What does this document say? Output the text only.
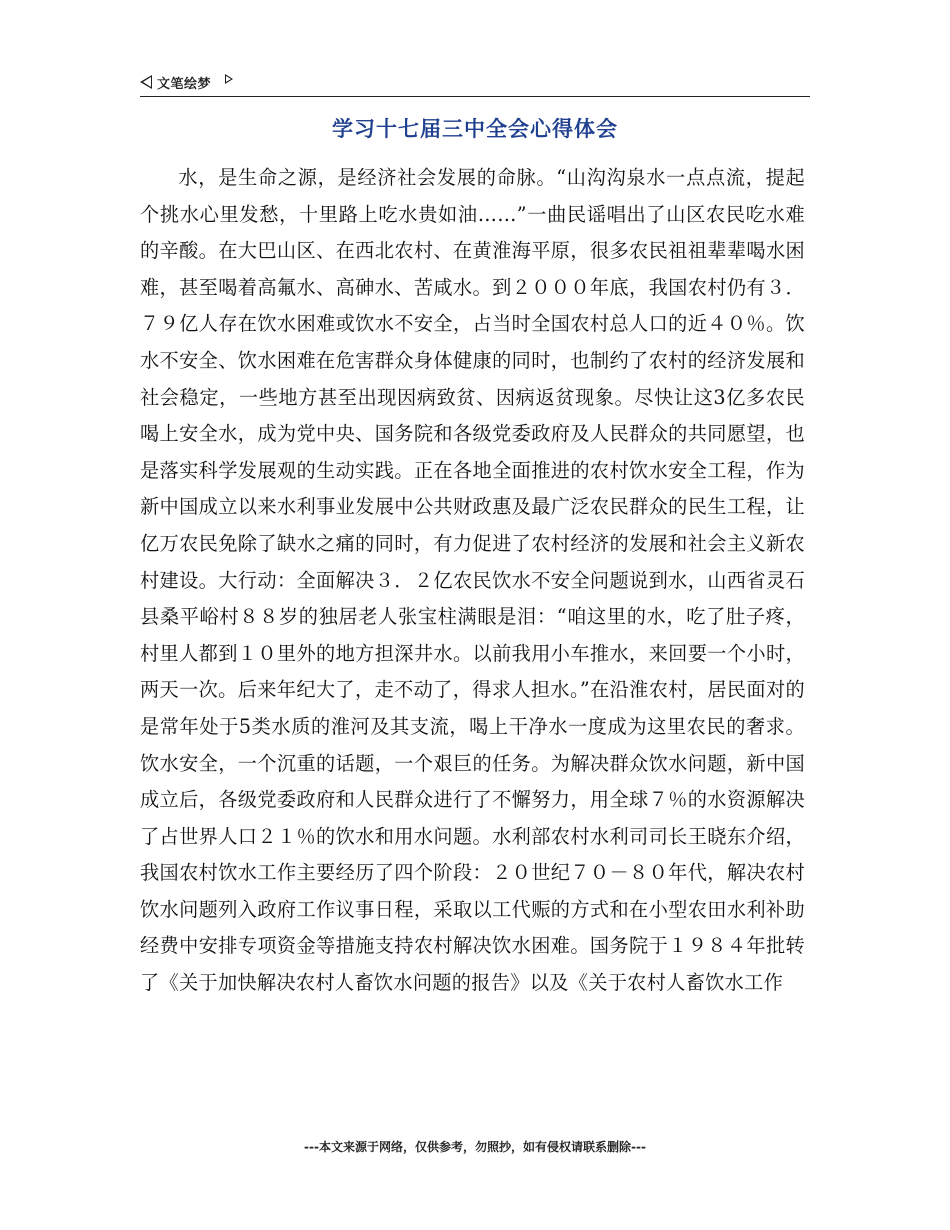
文笔绘梦
学习十七届三中全会心得体会

水，是生命之源，是经济社会发展的命脉。“山沟沟泉水一点点流，提起个挑水心里发愁，十里路上吃水贵如油……”一曲民谣唱出了山区农民吃水难的辛酸。在大巴山区、在西北农村、在黄淮海平原，很多农民祖祖辈辈喝水困难，甚至喝着高氟水、高砷水、苦咸水。到２０００年底，我国农村仍有３．７９亿人存在饮水困难或饮水不安全，占当时全国农村总人口的近４０％。饮水不安全、饮水困难在危害群众身体健康的同时，也制约了农村的经济发展和社会稳定，一些地方甚至出现因病致贫、因病返贫现象。尽快让这3亿多农民喝上安全水，成为党中央、国务院和各级党委政府及人民群众的共同愿望，也是落实科学发展观的生动实践。正在各地全面推进的农村饮水安全工程，作为新中国成立以来水利事业发展中公共财政惠及最广泛农民群众的民生工程，让亿万农民免除了缺水之痛的同时，有力促进了农村经济的发展和社会主义新农村建设。大行动：全面解决３．２亿农民饮水不安全问题说到水，山西省灵石县桑平峪村８８岁的独居老人张宝柱满眼是泪：“咱这里的水，吃了肚子疼，村里人都到１０里外的地方担深井水。以前我用小车推水，来回要一个小时，两天一次。后来年纪大了，走不动了，得求人担水。”在沿淮农村，居民面对的是常年处于5类水质的淮河及其支流，喝上干净水一度成为这里农民的奢求。饮水安全，一个沉重的话题，一个艰巨的任务。为解决群众饮水问题，新中国成立后，各级党委政府和人民群众进行了不懈努力，用全球７％的水资源解决了占世界人口２１％的饮水和用水问题。水利部农村水利司司长王晓东介绍，我国农村饮水工作主要经历了四个阶段：２０世纪７０－８０年代，解决农村饮水问题列入政府工作议事日程，采取以工代赈的方式和在小型农田水利补助经费中安排专项资金等措施支持农村解决饮水困难。国务院于１９８４年批转了《关于加快解决农村人畜饮水问题的报告》以及《关于农村人畜饮水工作

---本文来源于网络，仅供参考，勿照抄，如有侵权请联系删除---
